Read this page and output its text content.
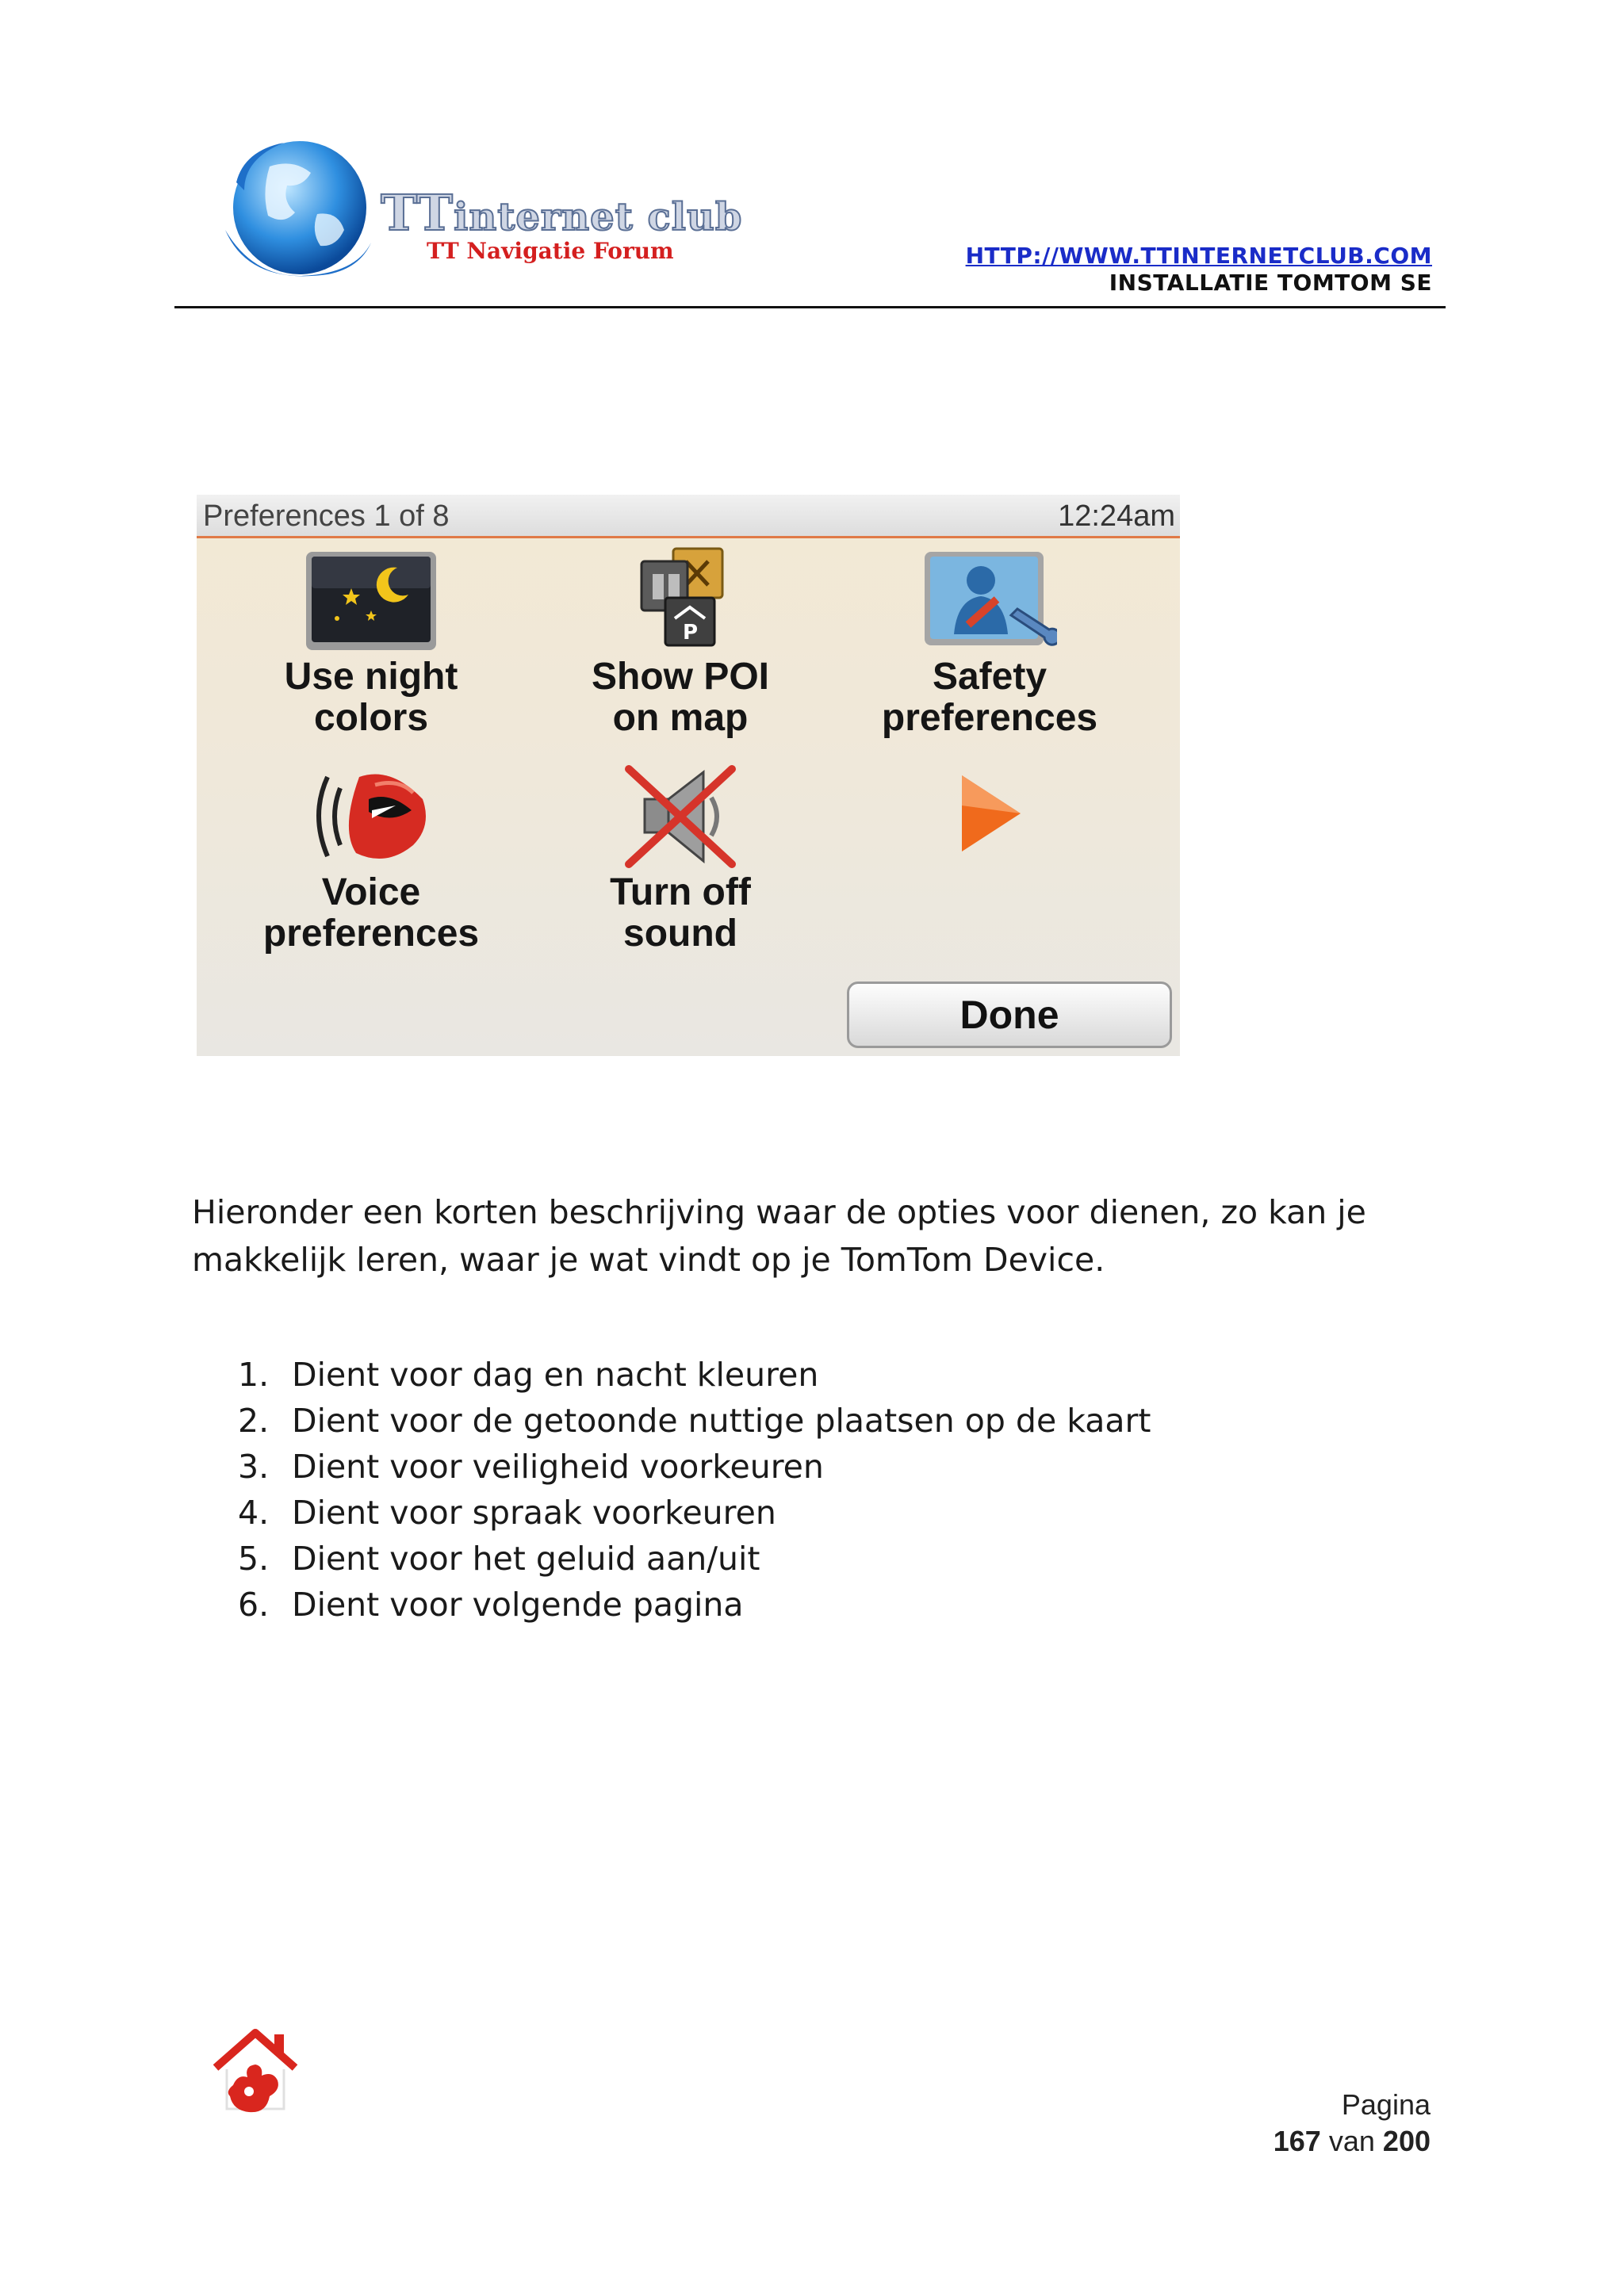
TTinternet club
TT Navigatie Forum	HTTP://WWW.TTINTERNETCLUB.COM
INSTALLATIE TOMTOM SE
Preferences 1 of 8	12:24am
Use night
colors
P
Show POI
on map
Safety
preferences
Voice
preferences
Turn off
sound
Done

Hieronder een korten beschrijving waar de opties voor dienen, zo kan je makkelijk leren, waar je wat vindt op je TomTom Device.

1. Dient voor dag en nacht kleuren
2. Dient voor de getoonde nuttige plaatsen op de kaart
3. Dient voor veiligheid voorkeuren
4. Dient voor spraak voorkeuren
5. Dient voor het geluid aan/uit
6. Dient voor volgende pagina
Pagina
167 van 200
